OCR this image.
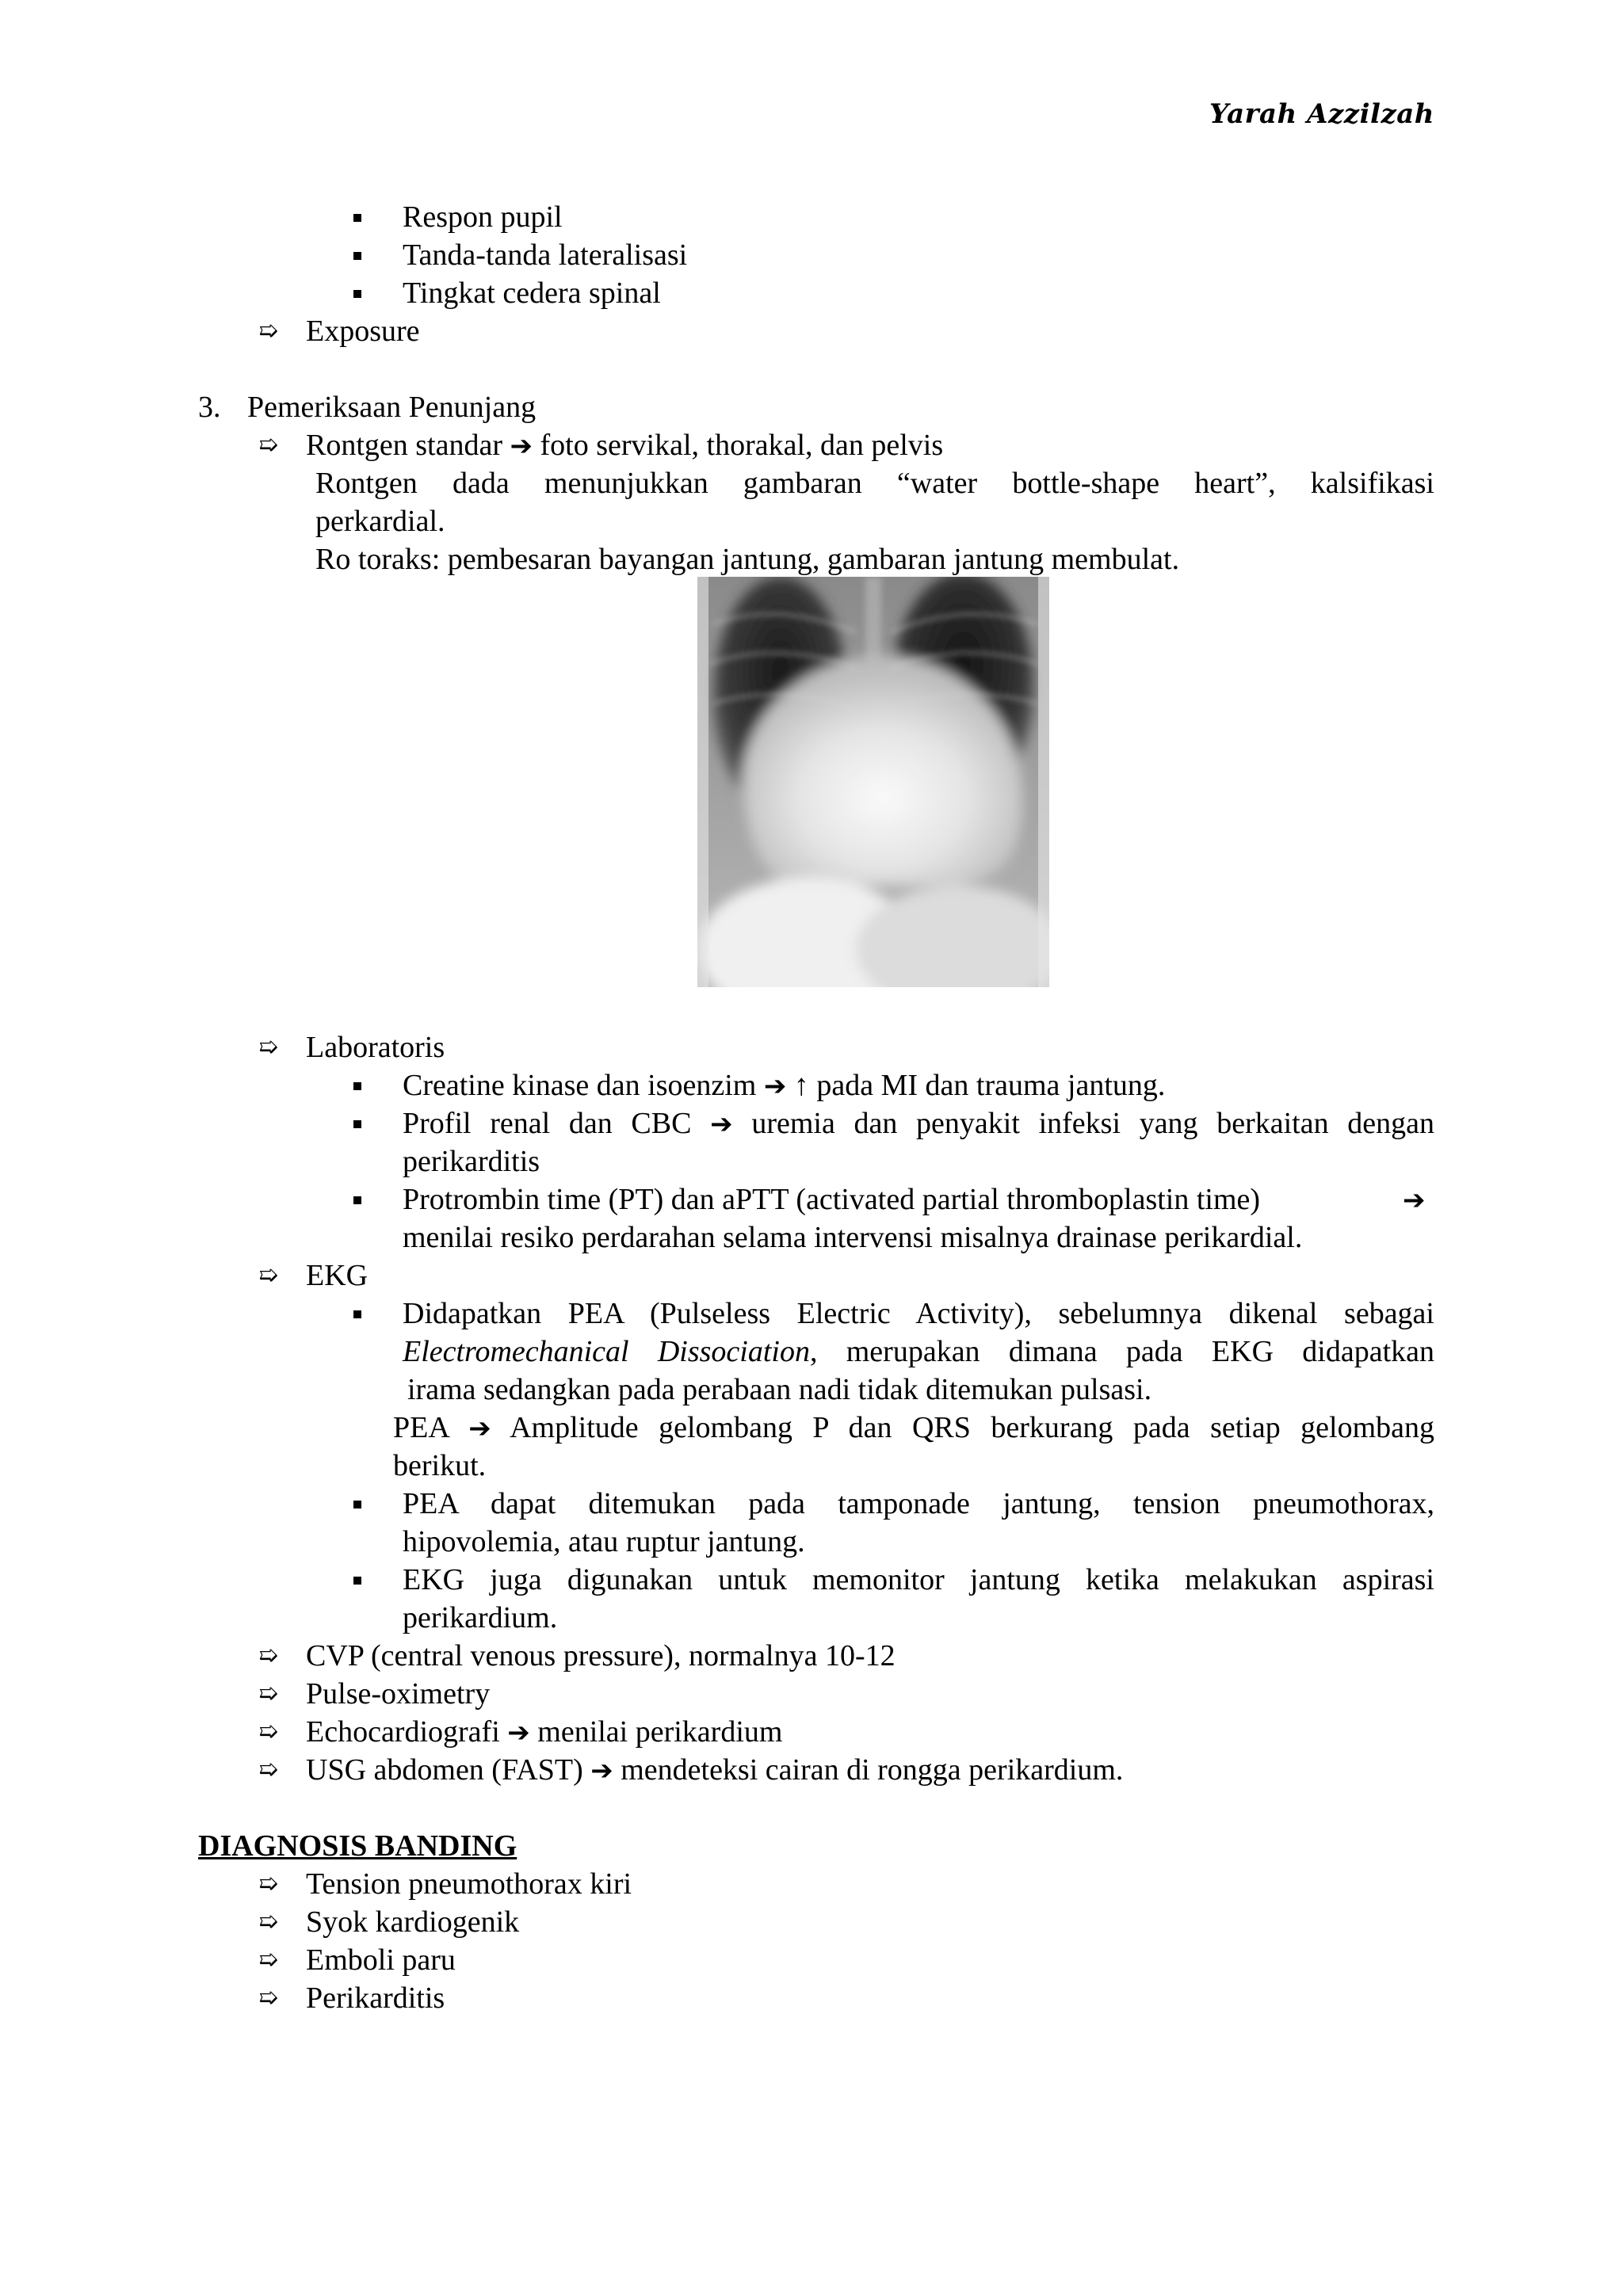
Yarah Azzilzah
Respon pupil
Tanda-tanda lateralisasi
Tingkat cedera spinal
➯ Exposure
3. Pemeriksaan Penunjang
➯ Rontgen standar ➔ foto servikal, thorakal, dan pelvis
Rontgen dada menunjukkan gambaran “water bottle-shape heart”, kalsifikasi
perkardial.
Ro toraks: pembesaran bayangan jantung, gambaran jantung membulat.
➯ Laboratoris
Creatine kinase dan isoenzim ➔ ↑ pada MI dan trauma jantung.
Profil renal dan CBC ➔ uremia dan penyakit infeksi yang berkaitan dengan
perikarditis
Protrombin time (PT) dan aPTT (activated partial thromboplastin time)	➔
menilai resiko perdarahan selama intervensi misalnya drainase perikardial.
➯ EKG
Didapatkan PEA (Pulseless Electric Activity), sebelumnya dikenal sebagai
Electromechanical Dissociation, merupakan dimana pada EKG didapatkan
irama sedangkan pada perabaan nadi tidak ditemukan pulsasi.
PEA ➔ Amplitude gelombang P dan QRS berkurang pada setiap gelombang
berikut.
PEA dapat ditemukan pada tamponade jantung, tension pneumothorax,
hipovolemia, atau ruptur jantung.
EKG juga digunakan untuk memonitor jantung ketika melakukan aspirasi
perikardium.
➯ CVP (central venous pressure), normalnya 10-12
➯ Pulse-oximetry
➯ Echocardiografi ➔ menilai perikardium
➯ USG abdomen (FAST) ➔ mendeteksi cairan di rongga perikardium.
DIAGNOSIS BANDING
➯ Tension pneumothorax kiri
➯ Syok kardiogenik
➯ Emboli paru
➯ Perikarditis
